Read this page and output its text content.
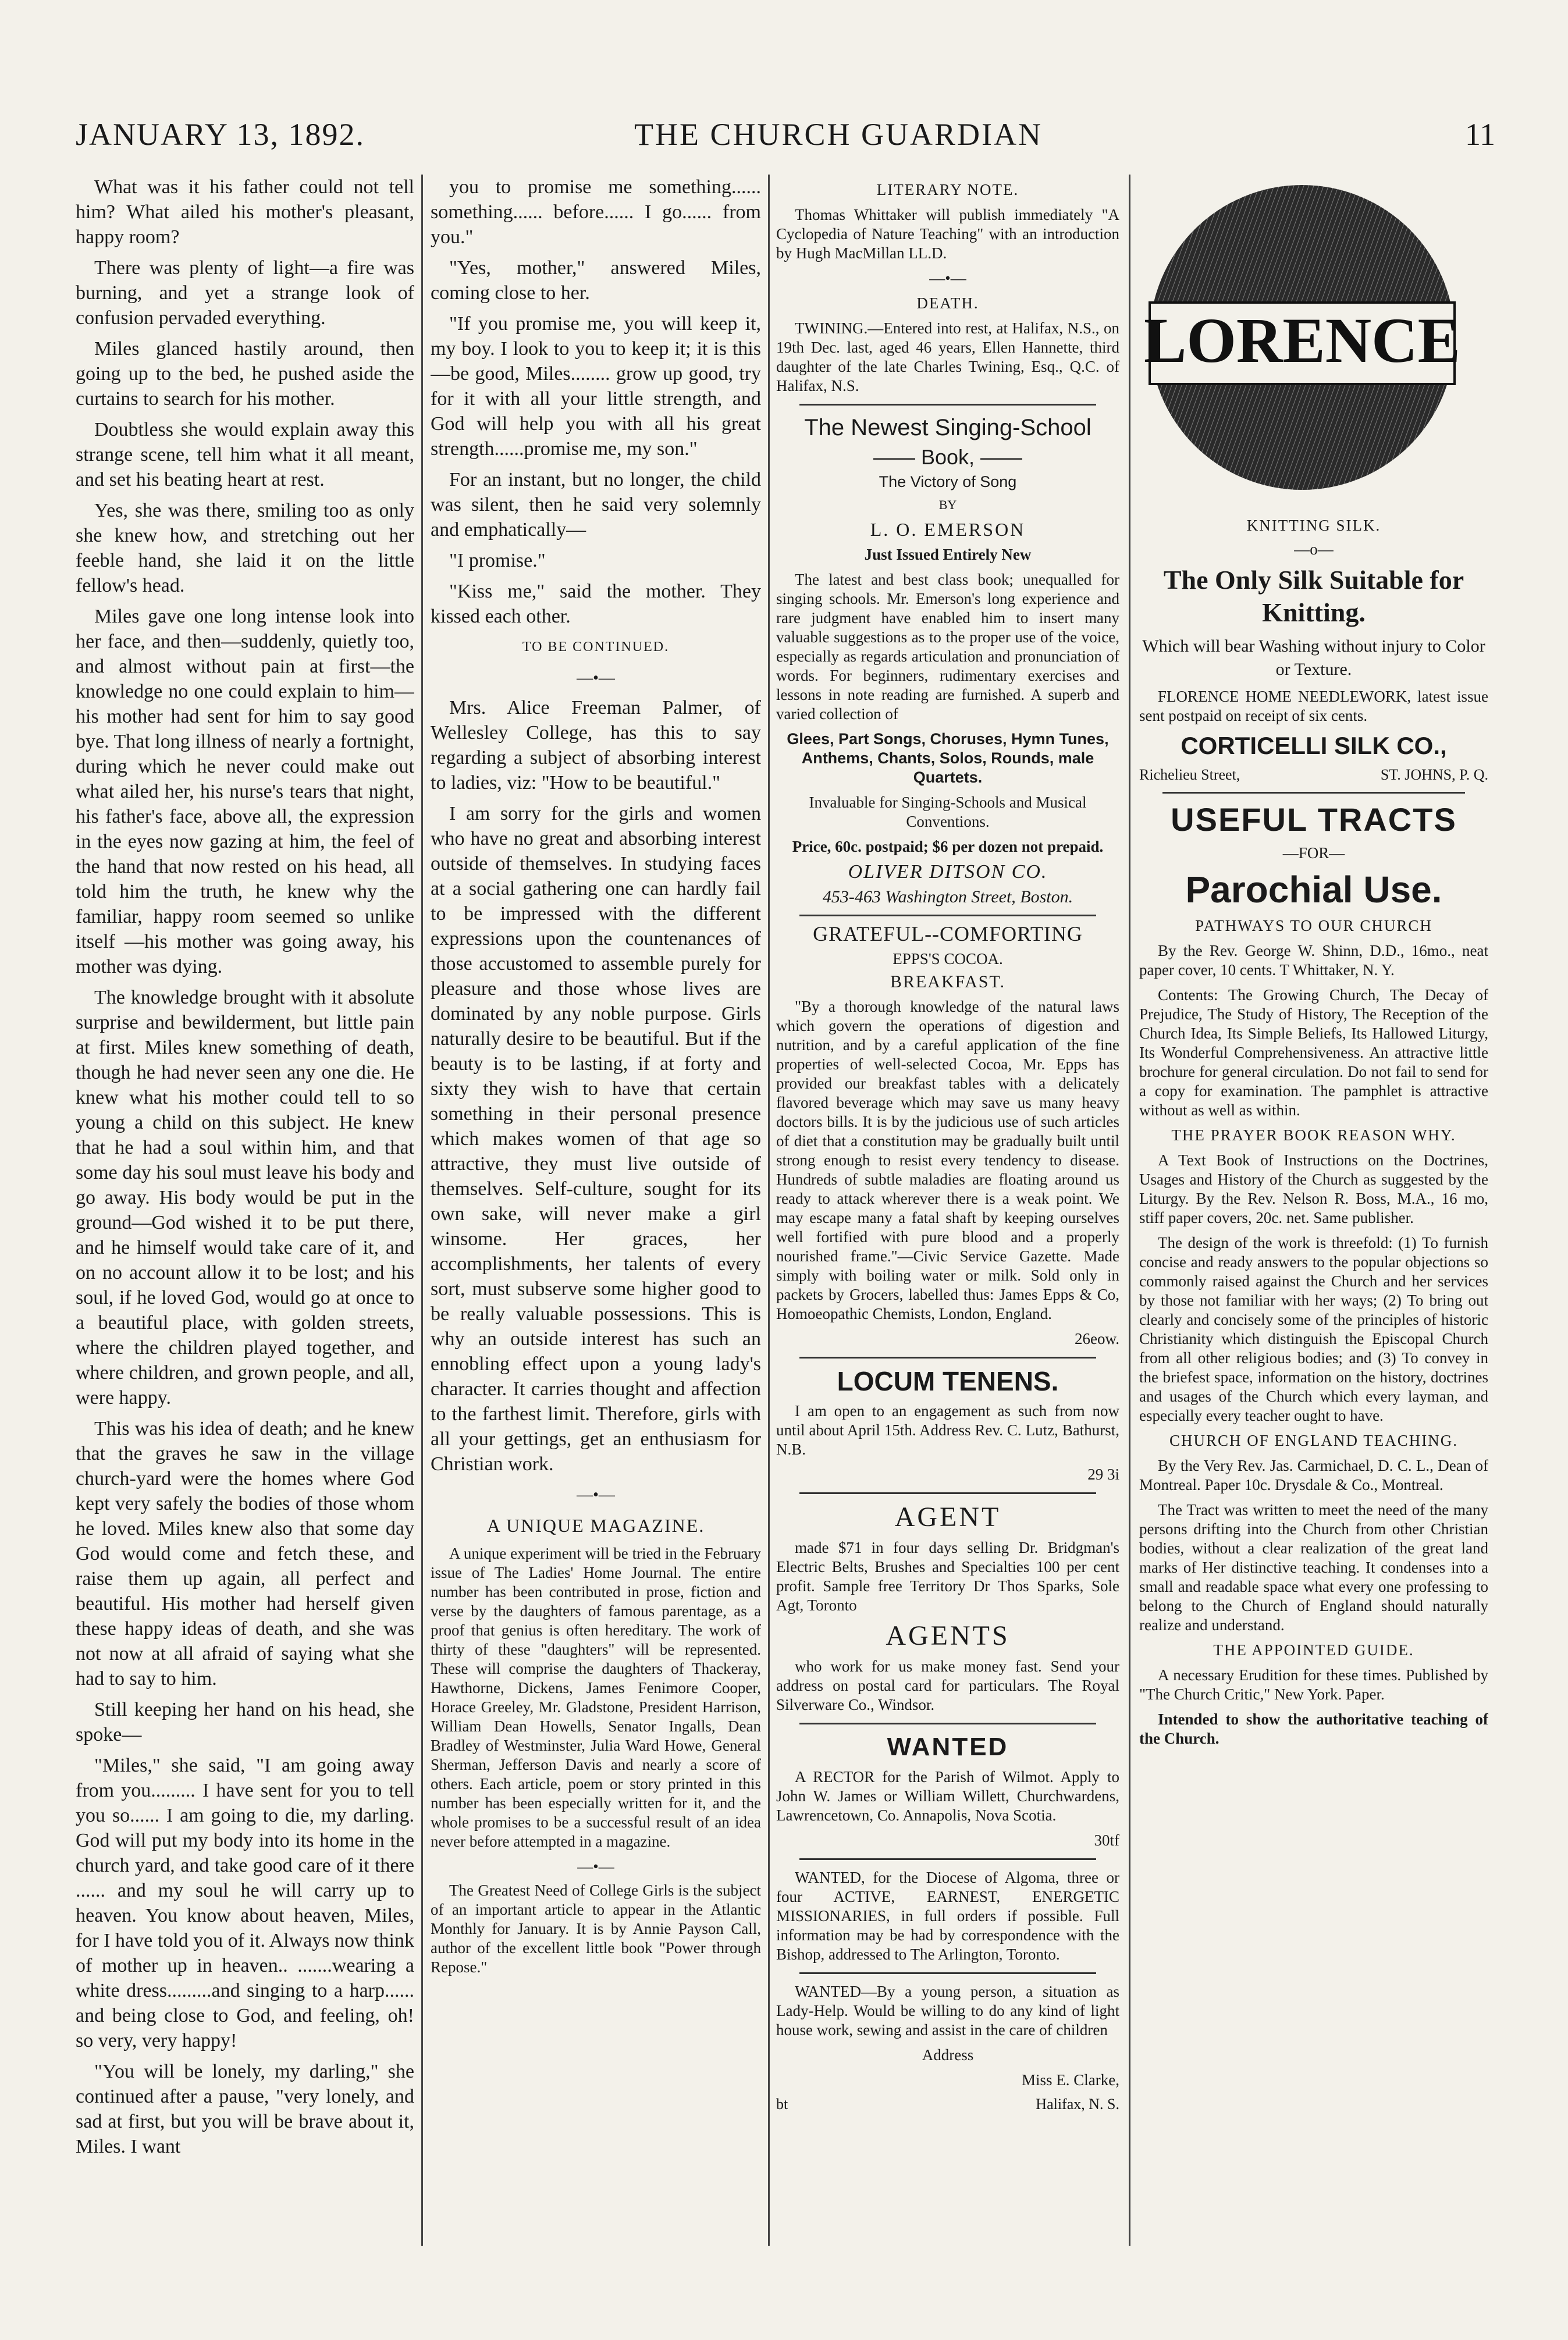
JANUARY 13, 1892.	THE CHURCH GUARDIAN	11

What was it his father could not tell him? What ailed his mother's pleasant, happy room?

There was plenty of light—a fire was burning, and yet a strange look of confusion pervaded everything.

Miles glanced hastily around, then going up to the bed, he pushed aside the curtains to search for his mother.

Doubtless she would explain away this strange scene, tell him what it all meant, and set his beating heart at rest.

Yes, she was there, smiling too as only she knew how, and stretching out her feeble hand, she laid it on the little fellow's head.

Miles gave one long intense look into her face, and then—suddenly, quietly too, and almost without pain at first—the knowledge no one could explain to him—his mother had sent for him to say good bye. That long illness of nearly a fortnight, during which he never could make out what ailed her, his nurse's tears that night, his father's face, above all, the expression in the eyes now gazing at him, the feel of the hand that now rested on his head, all told him the truth, he knew why the familiar, happy room seemed so unlike itself —his mother was going away, his mother was dying.

The knowledge brought with it absolute surprise and bewilderment, but little pain at first. Miles knew something of death, though he had never seen any one die. He knew what his mother could tell to so young a child on this subject. He knew that he had a soul within him, and that some day his soul must leave his body and go away. His body would be put in the ground—God wished it to be put there, and he himself would take care of it, and on no account allow it to be lost; and his soul, if he loved God, would go at once to a beautiful place, with golden streets, where the children played together, and where children, and grown people, and all, were happy.

This was his idea of death; and he knew that the graves he saw in the village church-yard were the homes where God kept very safely the bodies of those whom he loved. Miles knew also that some day God would come and fetch these, and raise them up again, all perfect and beautiful. His mother had herself given these happy ideas of death, and she was not now at all afraid of saying what she had to say to him.

Still keeping her hand on his head, she spoke—

"Miles," she said, "I am going away from you......... I have sent for you to tell you so...... I am going to die, my darling. God will put my body into its home in the church yard, and take good care of it there ...... and my soul he will carry up to heaven. You know about heaven, Miles, for I have told you of it. Always now think of mother up in heaven.. .......wearing a white dress.........and singing to a harp...... and being close to God, and feeling, oh! so very, very happy!

"You will be lonely, my darling," she continued after a pause, "very lonely, and sad at first, but you will be brave about it, Miles. I want

you to promise me something...... something...... before...... I go...... from you."

"Yes, mother," answered Miles, coming close to her.

"If you promise me, you will keep it, my boy. I look to you to keep it; it is this—be good, Miles........ grow up good, try for it with all your little strength, and God will help you with all his great strength......promise me, my son."

For an instant, but no longer, the child was silent, then he said very solemnly and emphatically—

"I promise."

"Kiss me," said the mother. They kissed each other.

TO BE CONTINUED.

—•—

Mrs. Alice Freeman Palmer, of Wellesley College, has this to say regarding a subject of absorbing interest to ladies, viz: "How to be beautiful."

I am sorry for the girls and women who have no great and absorbing interest outside of themselves. In studying faces at a social gathering one can hardly fail to be impressed with the different expressions upon the countenances of those accustomed to assemble purely for pleasure and those whose lives are dominated by any noble purpose. Girls naturally desire to be beautiful. But if the beauty is to be lasting, if at forty and sixty they wish to have that certain something in their personal presence which makes women of that age so attractive, they must live outside of themselves. Self-culture, sought for its own sake, will never make a girl winsome. Her graces, her accomplishments, her talents of every sort, must subserve some higher good to be really valuable possessions. This is why an outside interest has such an ennobling effect upon a young lady's character. It carries thought and affection to the farthest limit. Therefore, girls with all your gettings, get an enthusiasm for Christian work.

—•—

A UNIQUE MAGAZINE.

A unique experiment will be tried in the February issue of The Ladies' Home Journal. The entire number has been contributed in prose, fiction and verse by the daughters of famous parentage, as a proof that genius is often hereditary. The work of thirty of these "daughters" will be represented. These will comprise the daughters of Thackeray, Hawthorne, Dickens, James Fenimore Cooper, Horace Greeley, Mr. Gladstone, President Harrison, William Dean Howells, Senator Ingalls, Dean Bradley of Westminster, Julia Ward Howe, General Sherman, Jefferson Davis and nearly a score of others. Each article, poem or story printed in this number has been especially written for it, and the whole promises to be a successful result of an idea never before attempted in a magazine.

—•—

The Greatest Need of College Girls is the subject of an important article to appear in the Atlantic Monthly for January. It is by Annie Payson Call, author of the excellent little book "Power through Repose."

LITERARY NOTE.

Thomas Whittaker will publish immediately "A Cyclopedia of Nature Teaching" with an introduction by Hugh MacMillan LL.D.

—•—

DEATH.

TWINING.—Entered into rest, at Halifax, N.S., on 19th Dec. last, aged 46 years, Ellen Hannette, third daughter of the late Charles Twining, Esq., Q.C. of Halifax, N.S.

The Newest Singing-School

—— Book, ——

The Victory of Song

BY

L. O. EMERSON

Just Issued Entirely New

The latest and best class book; unequalled for singing schools. Mr. Emerson's long experience and rare judgment have enabled him to insert many valuable suggestions as to the proper use of the voice, especially as regards articulation and pronunciation of words. For beginners, rudimentary exercises and lessons in note reading are furnished. A superb and varied collection of

Glees, Part Songs, Choruses, Hymn Tunes, Anthems, Chants, Solos, Rounds, male Quartets.

Invaluable for Singing-Schools and Musical Conventions.

Price, 60c. postpaid; $6 per dozen not prepaid.

OLIVER DITSON CO.

453-463 Washington Street, Boston.

GRATEFUL--COMFORTING

EPPS'S COCOA.

BREAKFAST.

"By a thorough knowledge of the natural laws which govern the operations of digestion and nutrition, and by a careful application of the fine properties of well-selected Cocoa, Mr. Epps has provided our breakfast tables with a delicately flavored beverage which may save us many heavy doctors bills. It is by the judicious use of such articles of diet that a constitution may be gradually built until strong enough to resist every tendency to disease. Hundreds of subtle maladies are floating around us ready to attack wherever there is a weak point. We may escape many a fatal shaft by keeping ourselves well fortified with pure blood and a properly nourished frame."—Civic Service Gazette. Made simply with boiling water or milk. Sold only in packets by Grocers, labelled thus: James Epps & Co, Homoeopathic Chemists, London, England.

26eow.

LOCUM TENENS.

I am open to an engagement as such from now until about April 15th. Address Rev. C. Lutz, Bathurst, N.B.

29 3i

AGENT

made $71 in four days selling Dr. Bridgman's Electric Belts, Brushes and Specialties 100 per cent profit. Sample free Territory Dr Thos Sparks, Sole Agt, Toronto

AGENTS

who work for us make money fast. Send your address on postal card for particulars. The Royal Silverware Co., Windsor.

WANTED

A RECTOR for the Parish of Wilmot. Apply to John W. James or William Willett, Churchwardens, Lawrencetown, Co. Annapolis, Nova Scotia.

30tf

WANTED, for the Diocese of Algoma, three or four ACTIVE, EARNEST, ENERGETIC MISSIONARIES, in full orders if possible. Full information may be had by correspondence with the Bishop, addressed to The Arlington, Toronto.

WANTED—By a young person, a situation as Lady-Help. Would be willing to do any kind of light house work, sewing and assist in the care of children

Address

Miss E. Clarke,

bt	Halifax, N. S.
LORENCE

KNITTING SILK.

—o—

The Only Silk Suitable for Knitting.

Which will bear Washing without injury to Color or Texture.

FLORENCE HOME NEEDLEWORK, latest issue sent postpaid on receipt of six cents.

CORTICELLI SILK CO.,

Richelieu Street,	ST. JOHNS, P. Q.

USEFUL TRACTS

—FOR—

Parochial Use.

PATHWAYS TO OUR CHURCH

By the Rev. George W. Shinn, D.D., 16mo., neat paper cover, 10 cents. T Whittaker, N. Y.

Contents: The Growing Church, The Decay of Prejudice, The Study of History, The Reception of the Church Idea, Its Simple Beliefs, Its Hallowed Liturgy, Its Wonderful Comprehensiveness. An attractive little brochure for general circulation. Do not fail to send for a copy for examination. The pamphlet is attractive without as well as within.

THE PRAYER BOOK REASON WHY.

A Text Book of Instructions on the Doctrines, Usages and History of the Church as suggested by the Liturgy. By the Rev. Nelson R. Boss, M.A., 16 mo, stiff paper covers, 20c. net. Same publisher.

The design of the work is threefold: (1) To furnish concise and ready answers to the popular objections so commonly raised against the Church and her services by those not familiar with her ways; (2) To bring out clearly and concisely some of the principles of historic Christianity which distinguish the Episcopal Church from all other religious bodies; and (3) To convey in the briefest space, information on the history, doctrines and usages of the Church which every layman, and especially every teacher ought to have.

CHURCH OF ENGLAND TEACHING.

By the Very Rev. Jas. Carmichael, D. C. L., Dean of Montreal. Paper 10c. Drysdale & Co., Montreal.

The Tract was written to meet the need of the many persons drifting into the Church from other Christian bodies, without a clear realization of the great land marks of Her distinctive teaching. It condenses into a small and readable space what every one professing to belong to the Church of England should naturally realize and understand.

THE APPOINTED GUIDE.

A necessary Erudition for these times. Published by "The Church Critic," New York. Paper.

Intended to show the authoritative teaching of the Church.
